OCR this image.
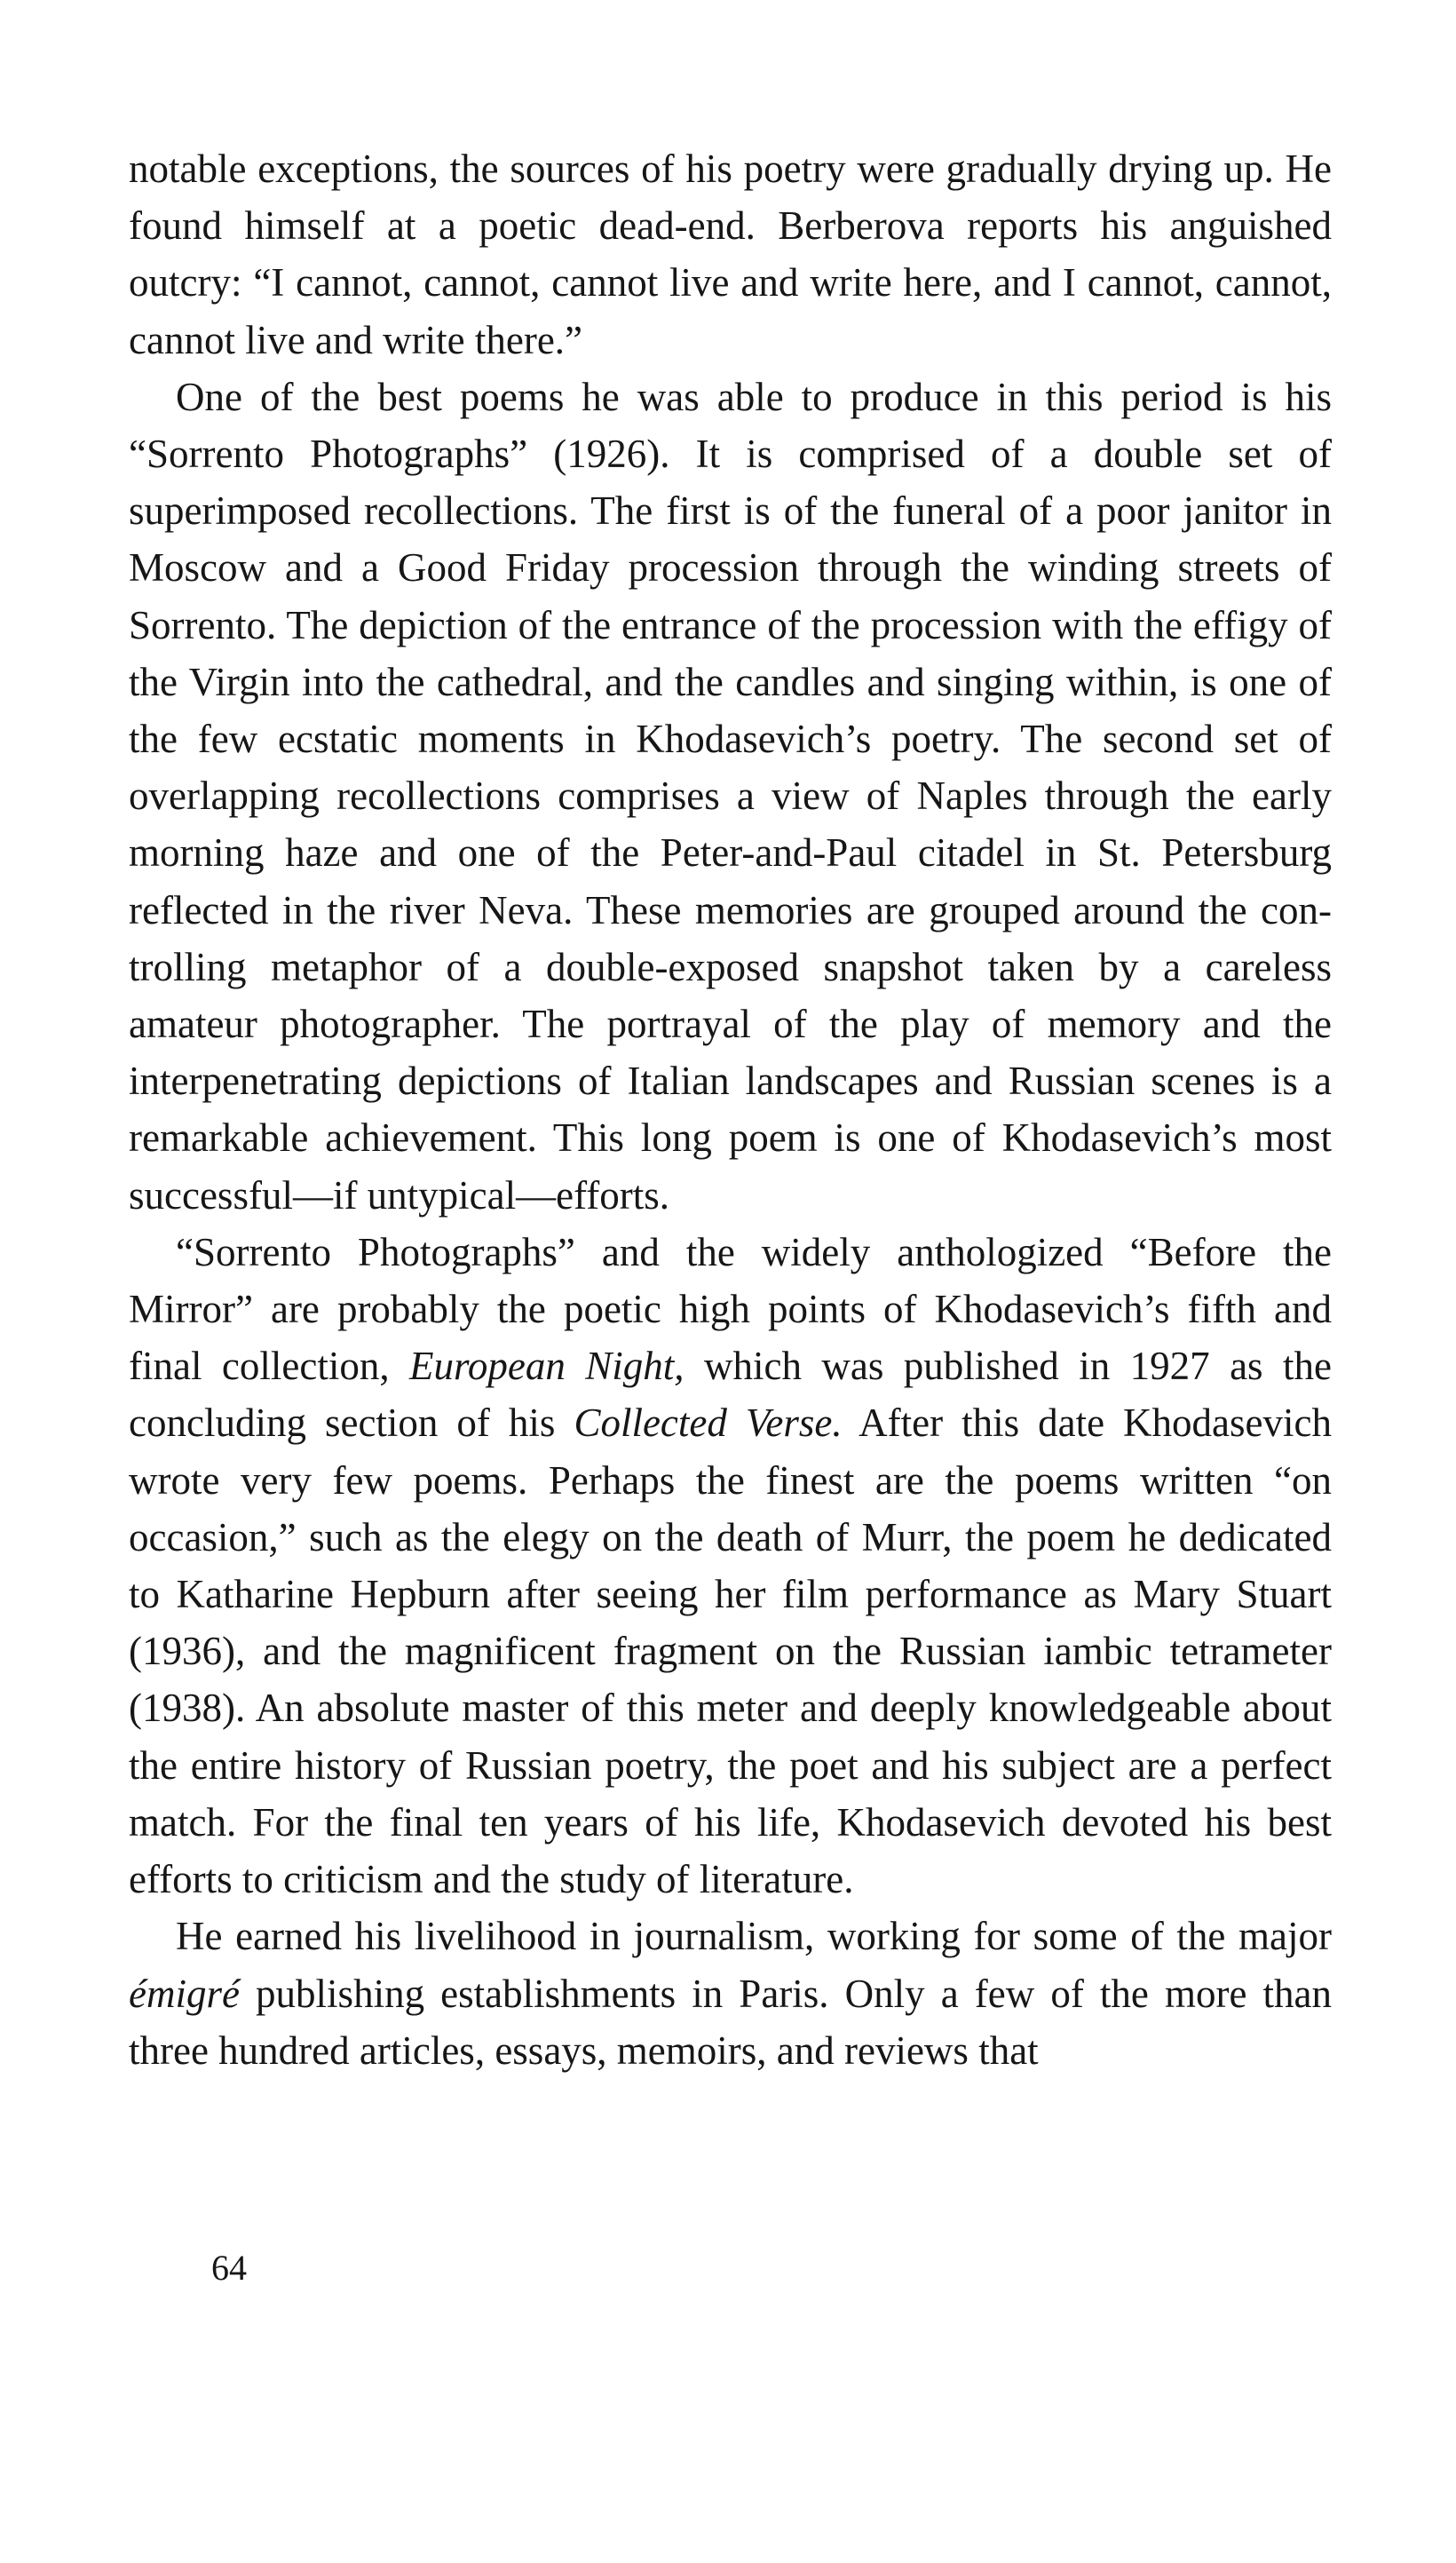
notable exceptions, the sources of his poetry were gradually drying up. He found himself at a poetic dead-end. Berberova reports his anguished outcry: “I cannot, cannot, cannot live and write here, and I cannot, cannot, cannot live and write there.”

One of the best poems he was able to produce in this period is his “Sorrento Photographs” (1926). It is comprised of a double set of superimposed recollections. The first is of the funeral of a poor janitor in Moscow and a Good Friday procession through the winding streets of Sorrento. The depiction of the entrance of the procession with the effigy of the Virgin into the cathedral, and the candles and singing within, is one of the few ecstatic moments in Khodasevich’s poetry. The second set of overlapping recollections comprises a view of Naples through the early morning haze and one of the Peter-and-Paul citadel in St. Petersburg reflected in the river Neva. These memories are grouped around the controlling metaphor of a double-exposed snapshot taken by a careless amateur photographer. The portrayal of the play of memory and the interpenetrating depictions of Italian landscapes and Russian scenes is a remarkable achievement. This long poem is one of Khodasevich’s most successful—if untypical—efforts.

“Sorrento Photographs” and the widely anthologized “Before the Mirror” are probably the poetic high points of Khodasevich’s fifth and final collection, European Night, which was published in 1927 as the concluding section of his Collected Verse. After this date Khodasevich wrote very few poems. Perhaps the finest are the poems written “on occasion,” such as the elegy on the death of Murr, the poem he dedicated to Katharine Hepburn after seeing her film performance as Mary Stuart (1936), and the magnificent fragment on the Russian iambic tetrameter (1938). An absolute master of this meter and deeply knowledgeable about the entire history of Russian poetry, the poet and his subject are a perfect match. For the final ten years of his life, Khodasevich devoted his best efforts to criticism and the study of literature.

He earned his livelihood in journalism, working for some of the major émigré publishing establishments in Paris. Only a few of the more than three hundred articles, essays, memoirs, and reviews that

64
